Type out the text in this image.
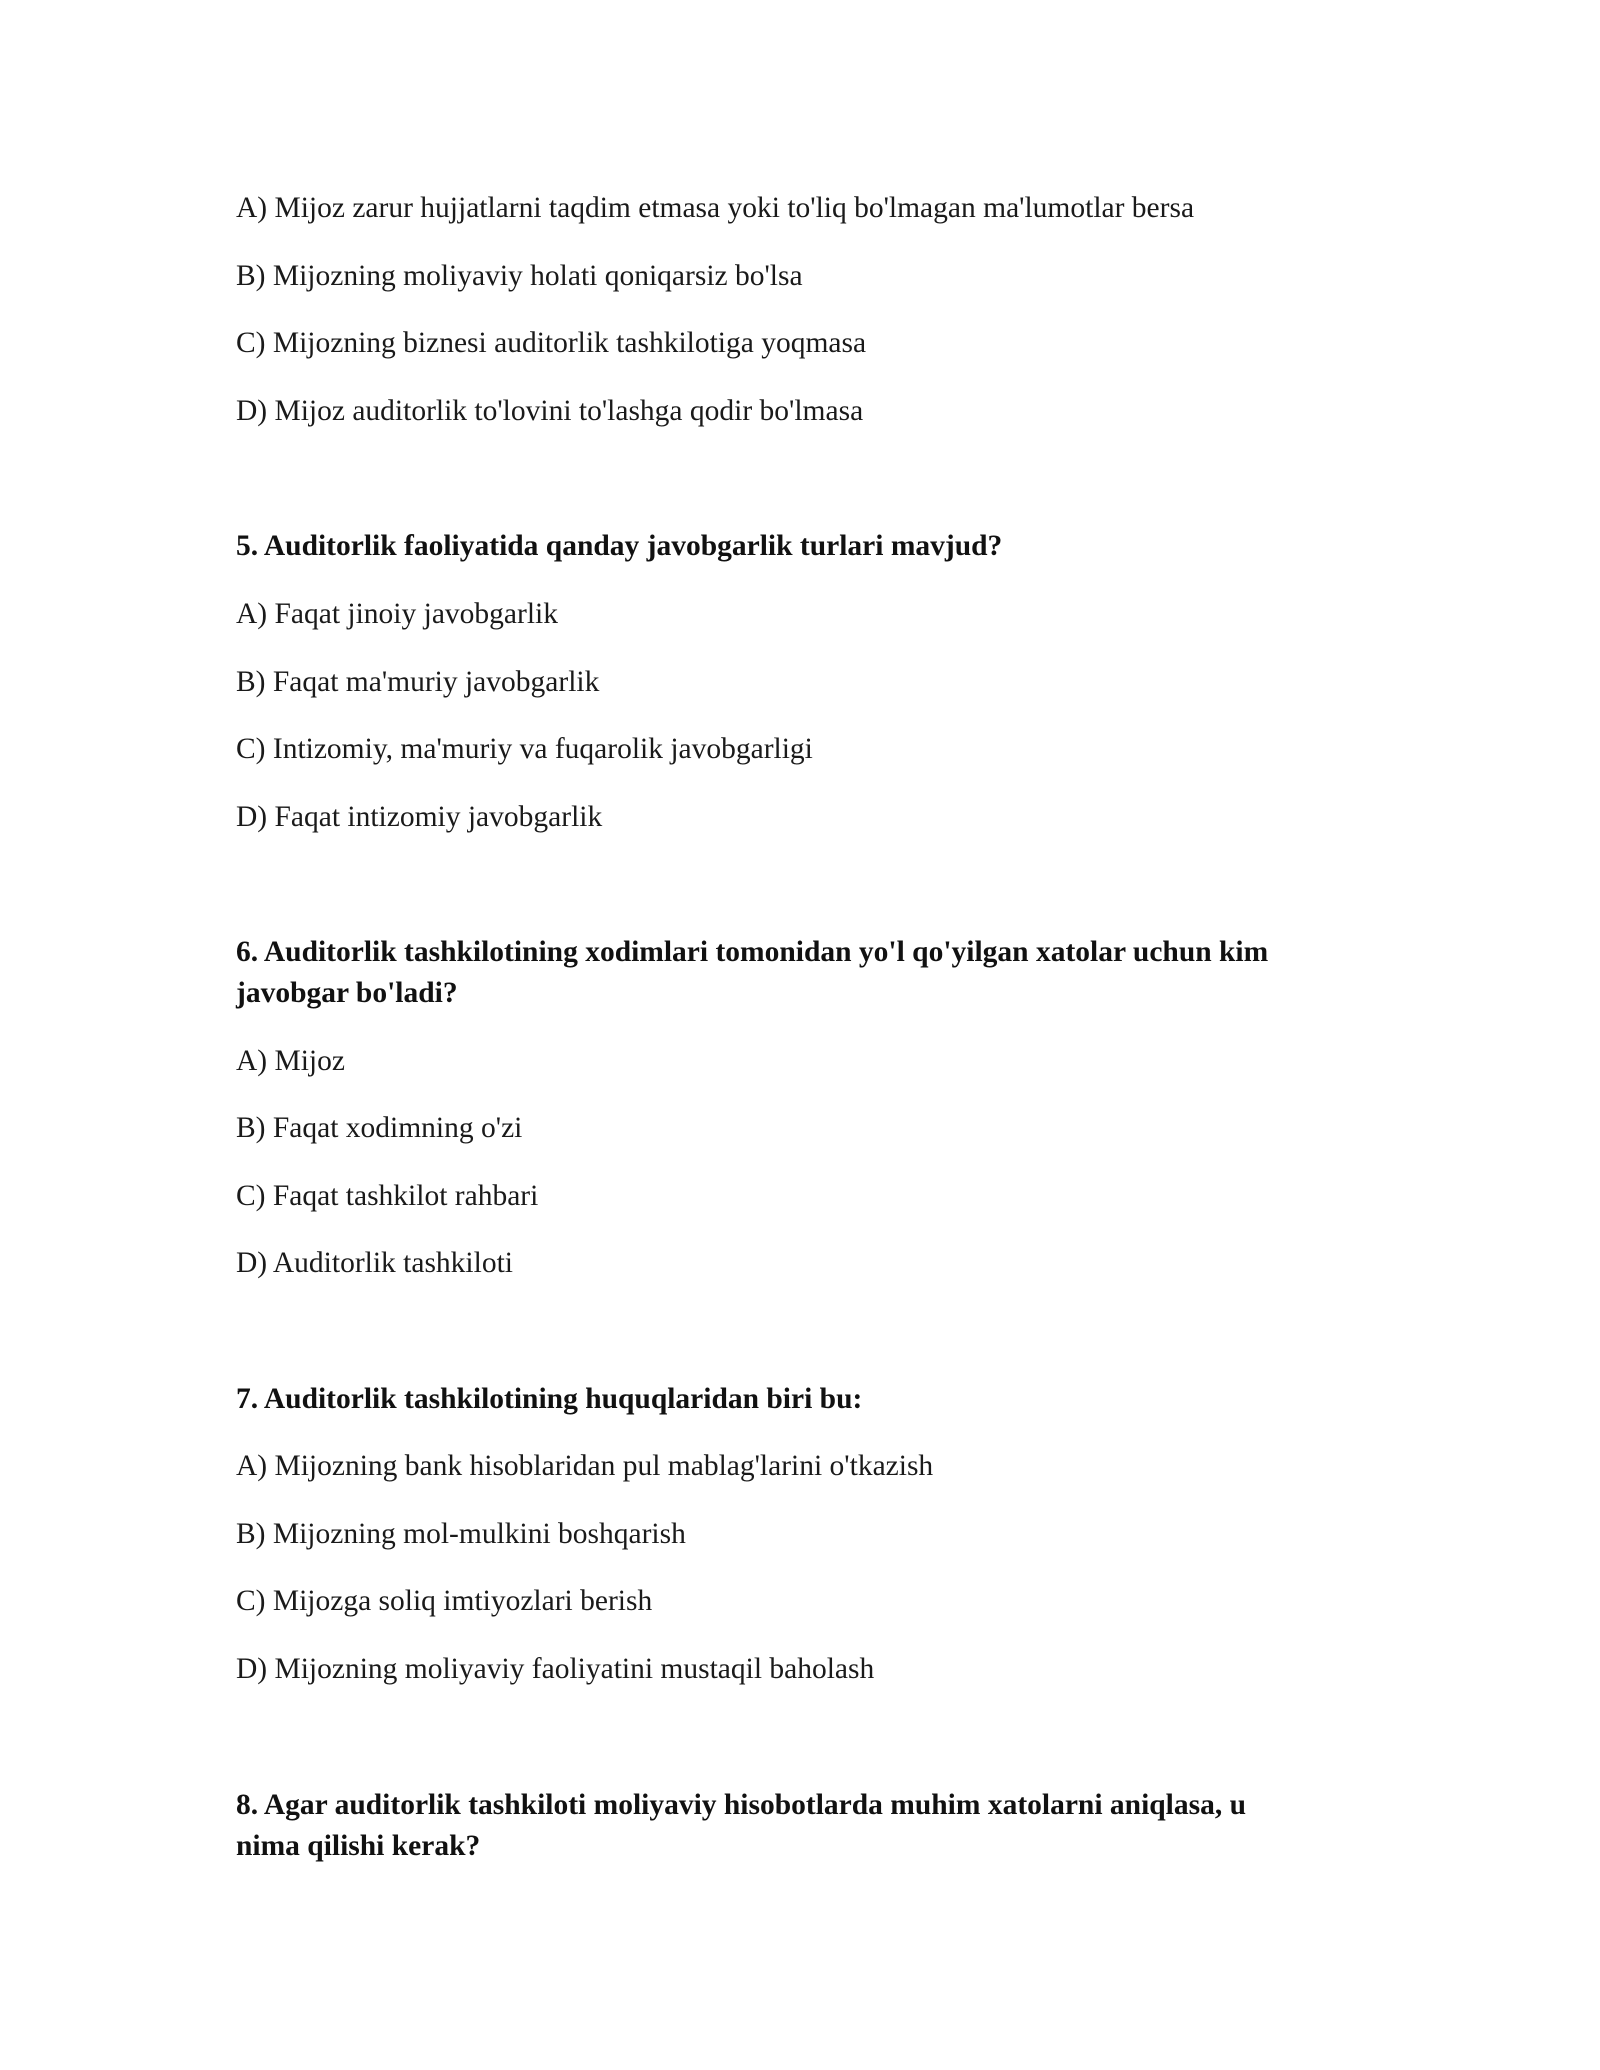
A) Mijoz zarur hujjatlarni taqdim etmasa yoki to'liq bo'lmagan ma'lumotlar bersa
B) Mijozning moliyaviy holati qoniqarsiz bo'lsa
C) Mijozning biznesi auditorlik tashkilotiga yoqmasa
D) Mijoz auditorlik to'lovini to'lashga qodir bo'lmasa
5. Auditorlik faoliyatida qanday javobgarlik turlari mavjud?
A) Faqat jinoiy javobgarlik
B) Faqat ma'muriy javobgarlik
C) Intizomiy, ma'muriy va fuqarolik javobgarligi
D) Faqat intizomiy javobgarlik
6. Auditorlik tashkilotining xodimlari tomonidan yo'l qo'yilgan xatolar uchun kim
javobgar bo'ladi?
A) Mijoz
B) Faqat xodimning o'zi
C) Faqat tashkilot rahbari
D) Auditorlik tashkiloti
7. Auditorlik tashkilotining huquqlaridan biri bu:
A) Mijozning bank hisoblaridan pul mablag'larini o'tkazish
B) Mijozning mol-mulkini boshqarish
C) Mijozga soliq imtiyozlari berish
D) Mijozning moliyaviy faoliyatini mustaqil baholash
8. Agar auditorlik tashkiloti moliyaviy hisobotlarda muhim xatolarni aniqlasa, u
nima qilishi kerak?
